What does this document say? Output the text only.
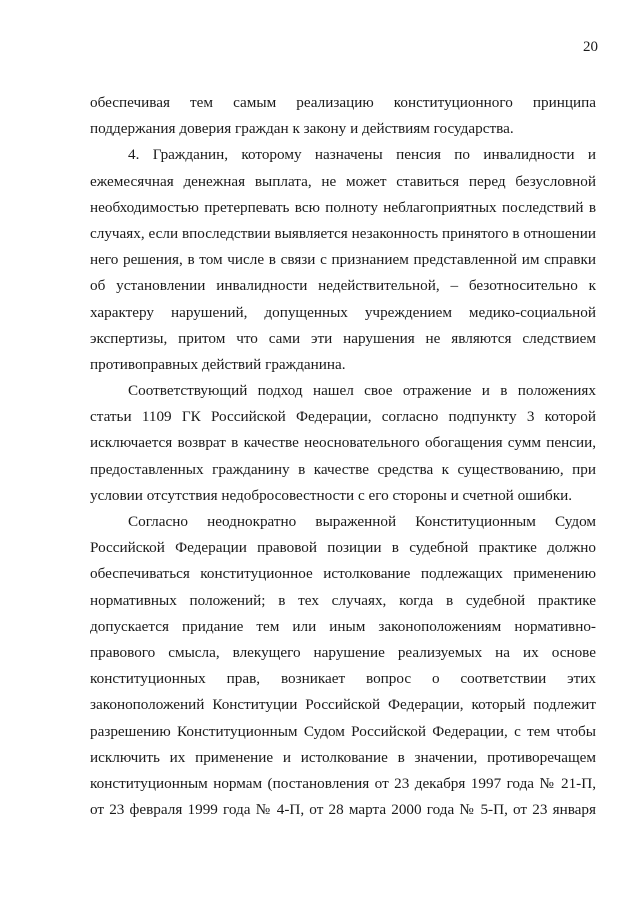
20
обеспечивая тем самым реализацию конституционного принципа
поддержания доверия граждан к закону и действиям государства.
4. Гражданин, которому назначены пенсия по инвалидности и
ежемесячная денежная выплата, не может ставиться перед безусловной
необходимостью претерпевать всю полноту неблагоприятных последствий в
случаях, если впоследствии выявляется незаконность принятого в отношении
него решения, в том числе в связи с признанием представленной им справки
об установлении инвалидности недействительной, – безотносительно к
характеру нарушений, допущенных учреждением медико-социальной
экспертизы, притом что сами эти нарушения не являются следствием
противоправных действий гражданина.
Соответствующий подход нашел свое отражение и в положениях
статьи 1109 ГК Российской Федерации, согласно подпункту 3 которой
исключается возврат в качестве неосновательного обогащения сумм пенсии,
предоставленных гражданину в качестве средства к существованию, при
условии отсутствия недобросовестности с его стороны и счетной ошибки.
Согласно неоднократно выраженной Конституционным Судом
Российской Федерации правовой позиции в судебной практике должно
обеспечиваться конституционное истолкование подлежащих применению
нормативных положений; в тех случаях, когда в судебной практике
допускается придание тем или иным законоположениям нормативно-
правового смысла, влекущего нарушение реализуемых на их основе
конституционных прав, возникает вопрос о соответствии этих
законоположений Конституции Российской Федерации, который подлежит
разрешению Конституционным Судом Российской Федерации, с тем чтобы
исключить их применение и истолкование в значении, противоречащем
конституционным нормам (постановления от 23 декабря 1997 года № 21-П,
от 23 февраля 1999 года № 4-П, от 28 марта 2000 года № 5-П, от 23 января
